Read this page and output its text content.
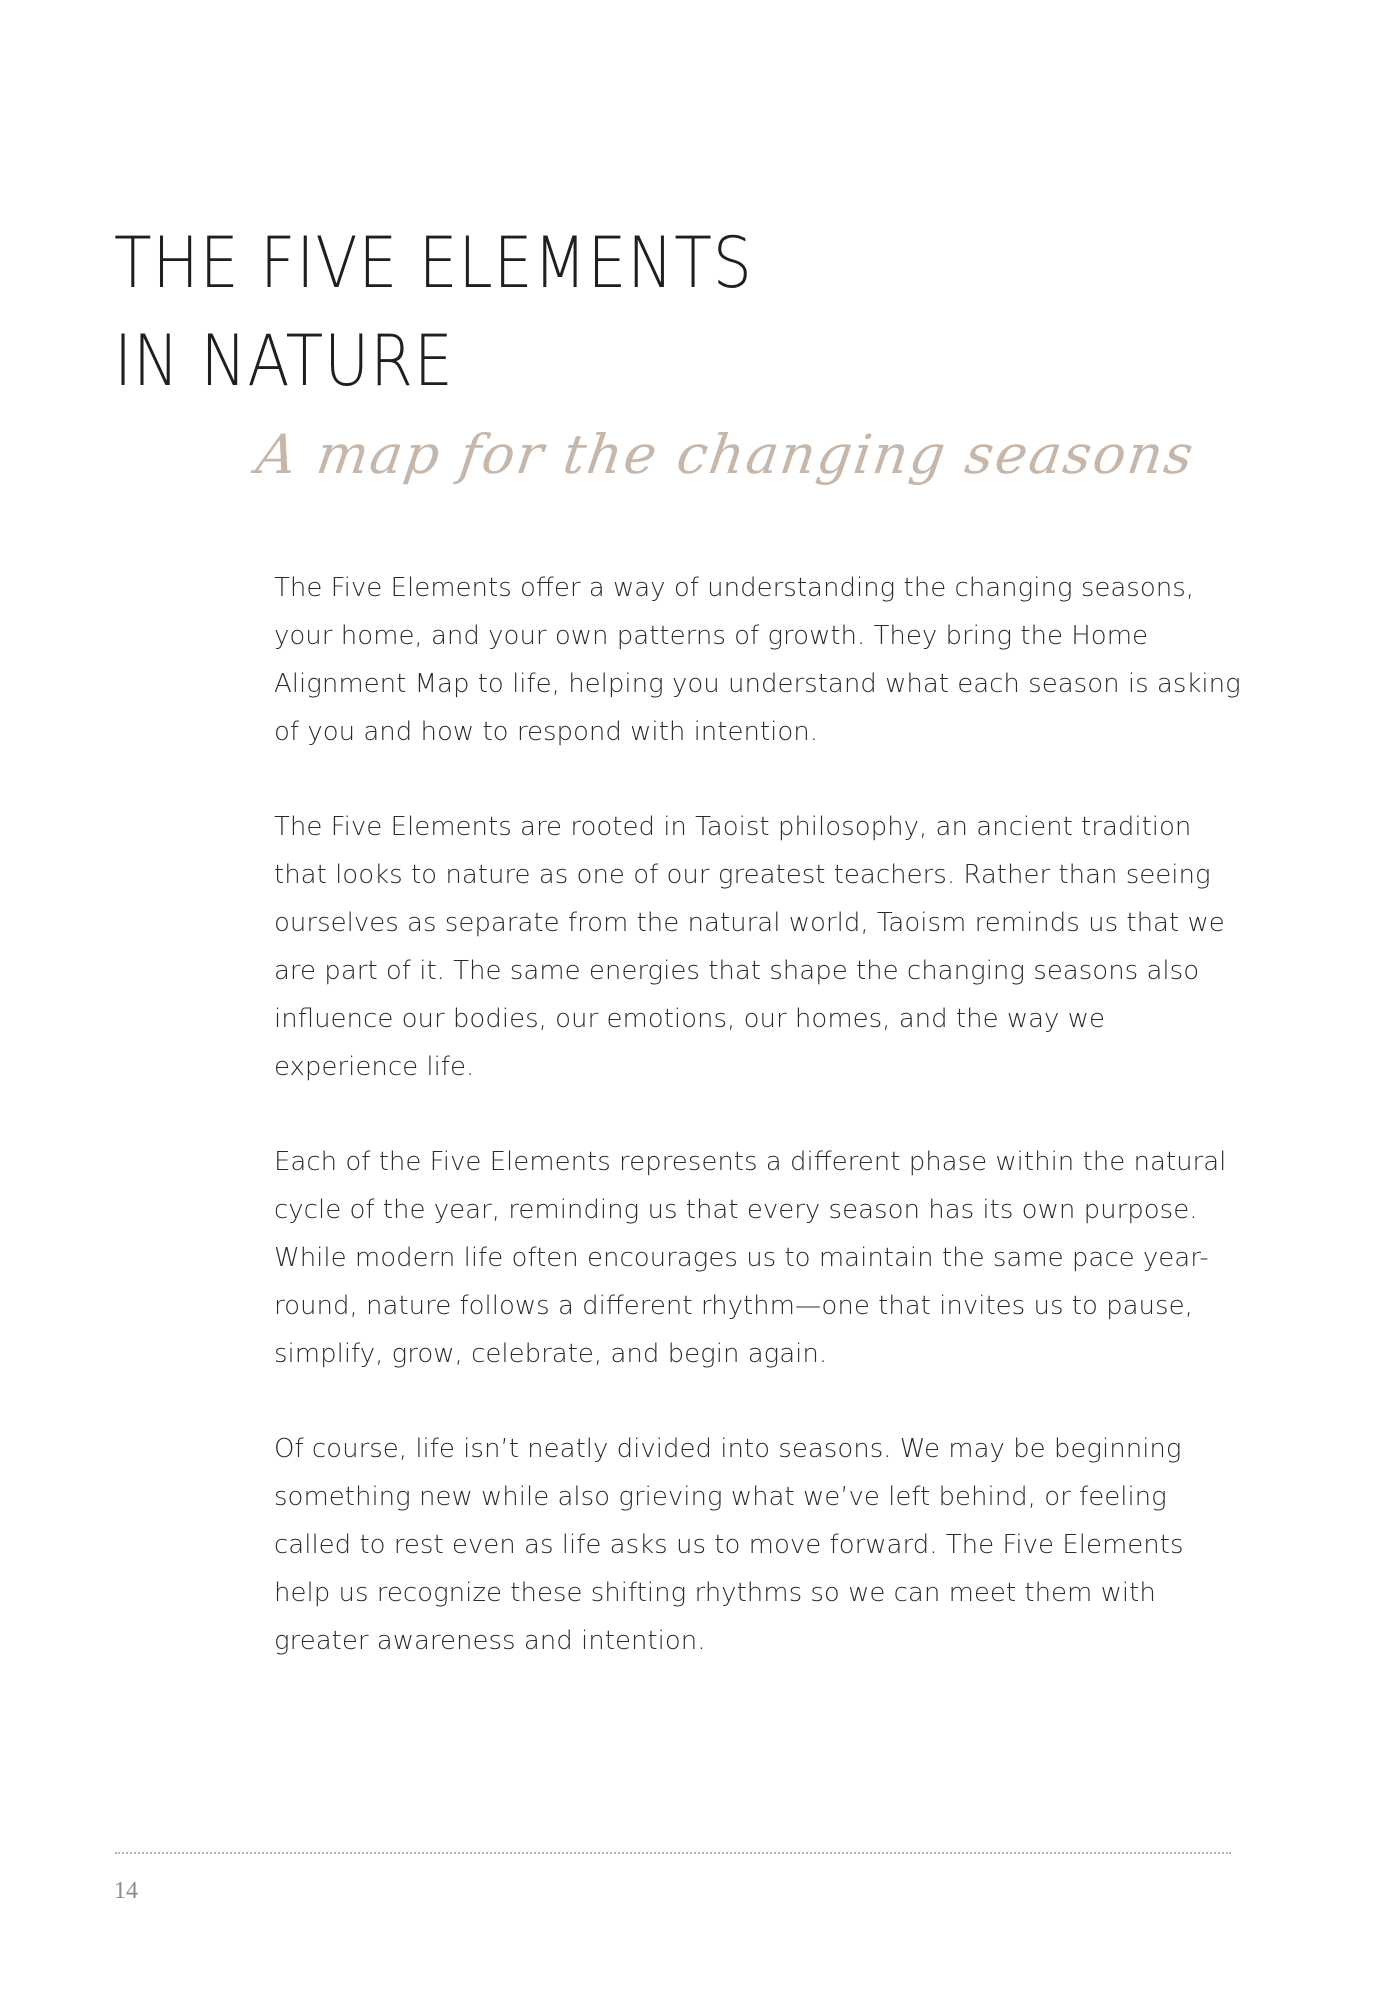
THE FIVE ELEMENTS
IN NATURE
A map for the changing seasons

The Five Elements offer a way of understanding the changing seasons, your home, and your own patterns of growth. They bring the Home Alignment Map to life, helping you understand what each season is asking of you and how to respond with intention.

The Five Elements are rooted in Taoist philosophy, an ancient tradition that looks to nature as one of our greatest teachers. Rather than seeing ourselves as separate from the natural world, Taoism reminds us that we are part of it. The same energies that shape the changing seasons also influence our bodies, our emotions, our homes, and the way we experience life.

Each of the Five Elements represents a different phase within the natural cycle of the year, reminding us that every season has its own purpose. While modern life often encourages us to maintain the same pace year-round, nature follows a different rhythm—one that invites us to pause, simplify, grow, celebrate, and begin again.

Of course, life isn’t neatly divided into seasons. We may be beginning something new while also grieving what we’ve left behind, or feeling called to rest even as life asks us to move forward. The Five Elements help us recognize these shifting rhythms so we can meet them with greater awareness and intention.

14
